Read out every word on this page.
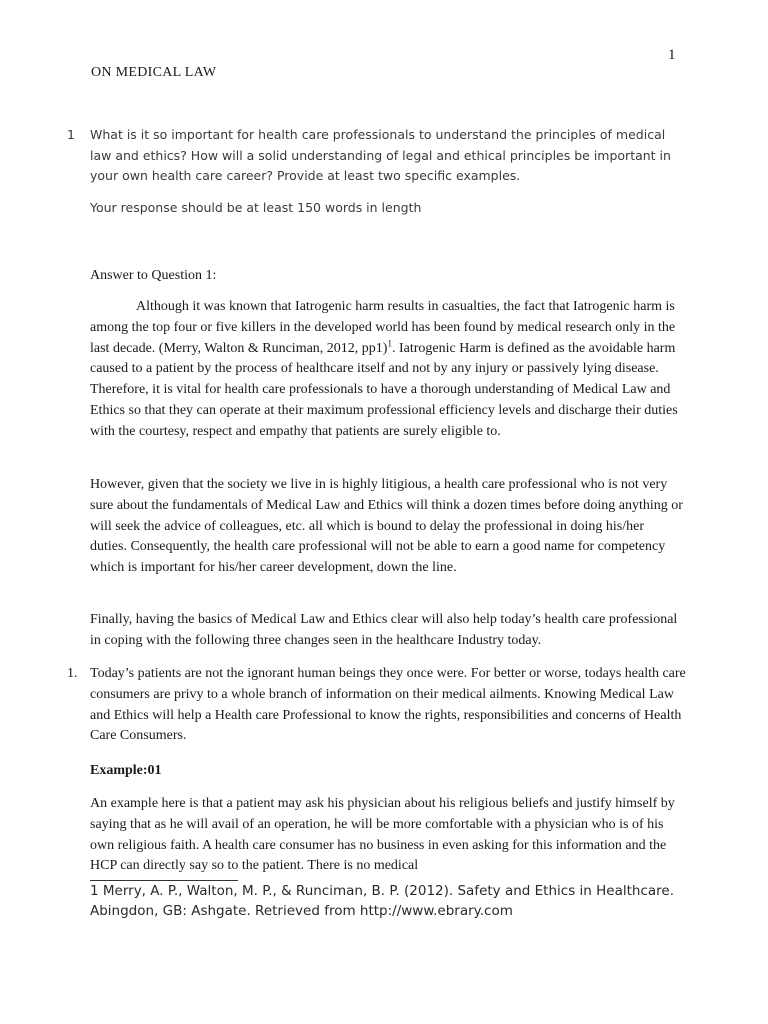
1
ON MEDICAL LAW
1 What is it so important for health care professionals to understand the principles of medical law and ethics? How will a solid understanding of legal and ethical principles be important in your own health care career? Provide at least two specific examples.
Your response should be at least 150 words in length

Answer to Question 1:

Although it was known that Iatrogenic harm results in casualties, the fact that Iatrogenic harm is among the top four or five killers in the developed world has been found by medical research only in the last decade. (Merry, Walton & Runciman, 2012, pp1)$^1$. Iatrogenic Harm is defined as the avoidable harm caused to a patient by the process of healthcare itself and not by any injury or passively lying disease. Therefore, it is vital for health care professionals to have a thorough understanding of Medical Law and Ethics so that they can operate at their maximum professional efficiency levels and discharge their duties with the courtesy, respect and empathy that patients are surely eligible to.

However, given that the society we live in is highly litigious, a health care professional who is not very sure about the fundamentals of Medical Law and Ethics will think a dozen times before doing anything or will seek the advice of colleagues, etc. all which is bound to delay the professional in doing his/her duties. Consequently, the health care professional will not be able to earn a good name for competency which is important for his/her career development, down the line.

Finally, having the basics of Medical Law and Ethics clear will also help today’s health care professional in coping with the following three changes seen in the healthcare Industry today.

1. Today’s patients are not the ignorant human beings they once were. For better or worse, todays health care consumers are privy to a whole branch of information on their medical ailments. Knowing Medical Law and Ethics will help a Health care Professional to know the rights, responsibilities and concerns of Health Care Consumers.

Example:01

An example here is that a patient may ask his physician about his religious beliefs and justify himself by saying that as he will avail of an operation, he will be more comfortable with a physician who is of his own religious faith. A health care consumer has no business in even asking for this information and the HCP can directly say so to the patient. There is no medical

1 Merry, A. P., Walton, M. P., & Runciman, B. P. (2012). Safety and Ethics in Healthcare. Abingdon, GB: Ashgate. Retrieved from http://www.ebrary.com
